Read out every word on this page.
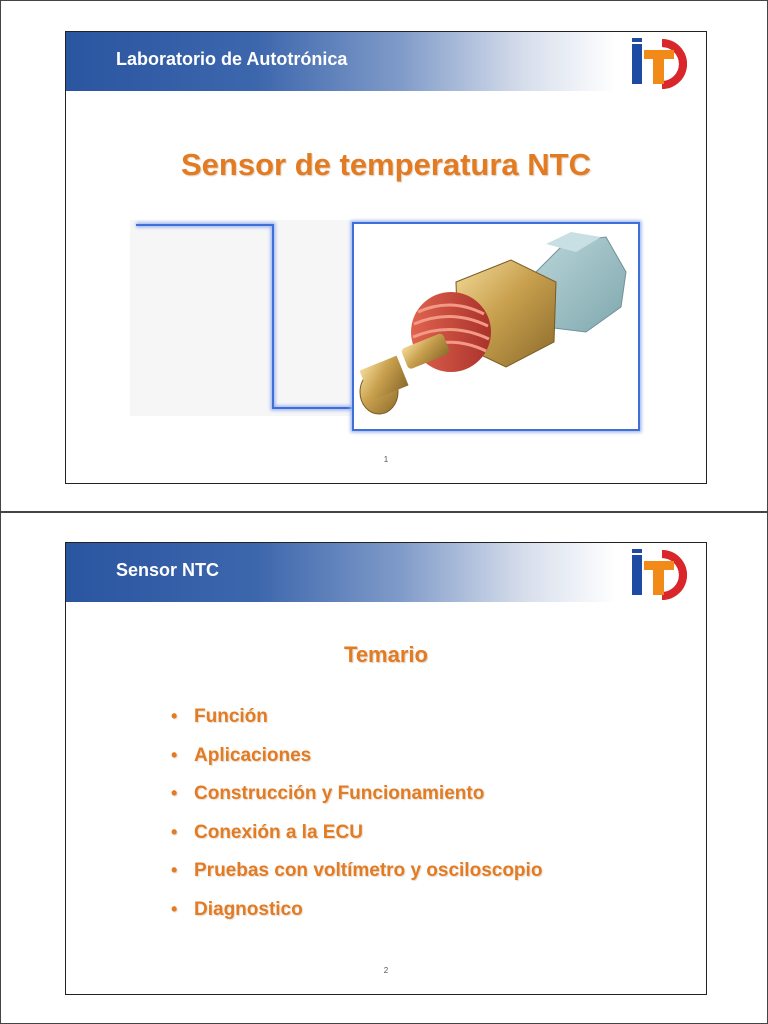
Laboratorio de Autotrónica
Sensor de temperatura NTC
1
Sensor NTC
Temario
• Función
• Aplicaciones
• Construcción y Funcionamiento
• Conexión a la ECU
• Pruebas con voltímetro y osciloscopio
• Diagnostico
2
